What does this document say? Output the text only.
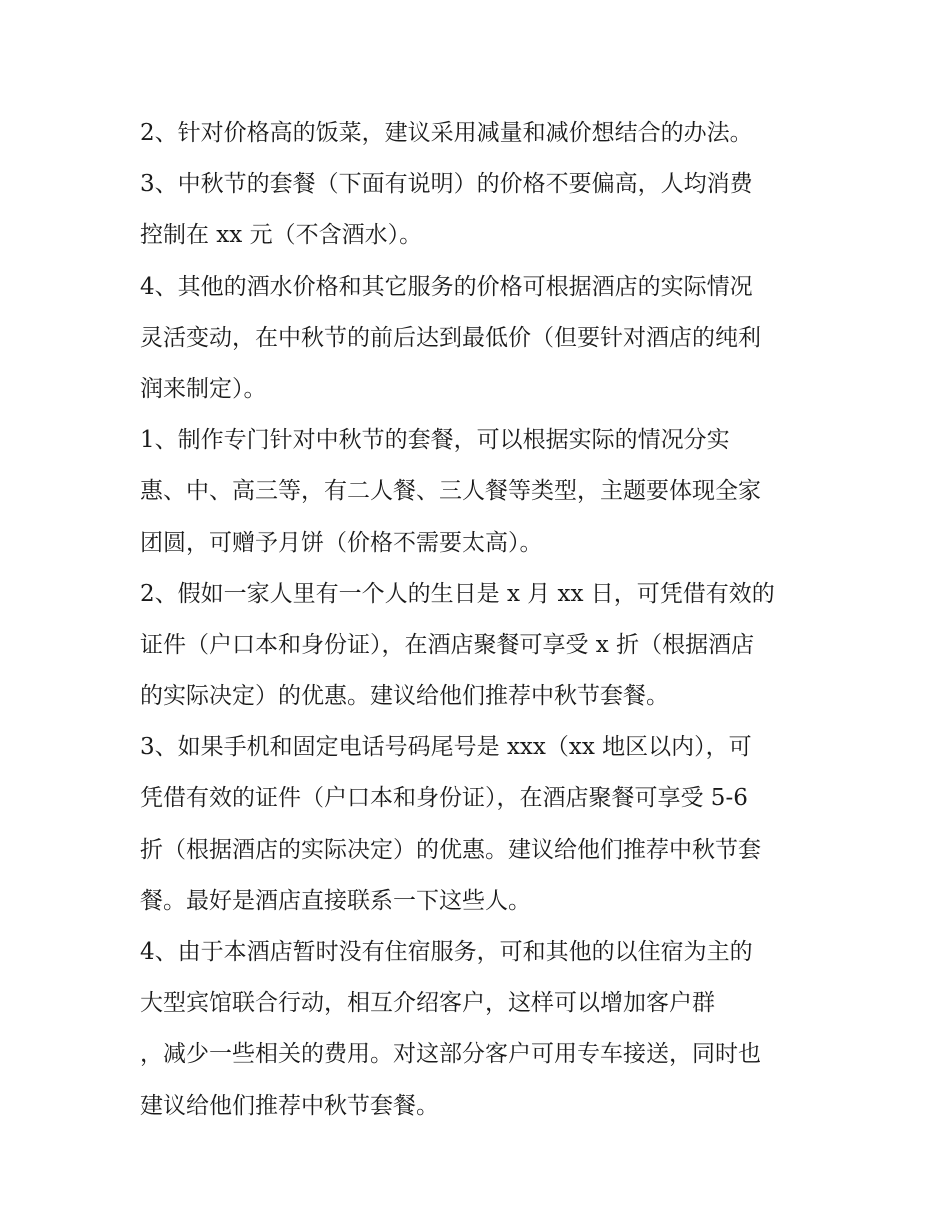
2、针对价格高的饭菜，建议采用减量和减价想结合的办法。

3、中秋节的套餐（下面有说明）的价格不要偏高，人均消费

控制在 xx 元（不含酒水）。

4、其他的酒水价格和其它服务的价格可根据酒店的实际情况

灵活变动，在中秋节的前后达到最低价（但要针对酒店的纯利

润来制定）。

1、制作专门针对中秋节的套餐，可以根据实际的情况分实

惠、中、高三等，有二人餐、三人餐等类型，主题要体现全家

团圆，可赠予月饼（价格不需要太高）。

2、假如一家人里有一个人的生日是 x 月 xx 日，可凭借有效的

证件（户口本和身份证），在酒店聚餐可享受 x 折（根据酒店

的实际决定）的优惠。建议给他们推荐中秋节套餐。

3、如果手机和固定电话号码尾号是 xxx（xx 地区以内），可

凭借有效的证件（户口本和身份证），在酒店聚餐可享受 5-6

折（根据酒店的实际决定）的优惠。建议给他们推荐中秋节套

餐。最好是酒店直接联系一下这些人。

4、由于本酒店暂时没有住宿服务，可和其他的以住宿为主的

大型宾馆联合行动，相互介绍客户，这样可以增加客户群

，减少一些相关的费用。对这部分客户可用专车接送，同时也

建议给他们推荐中秋节套餐。
